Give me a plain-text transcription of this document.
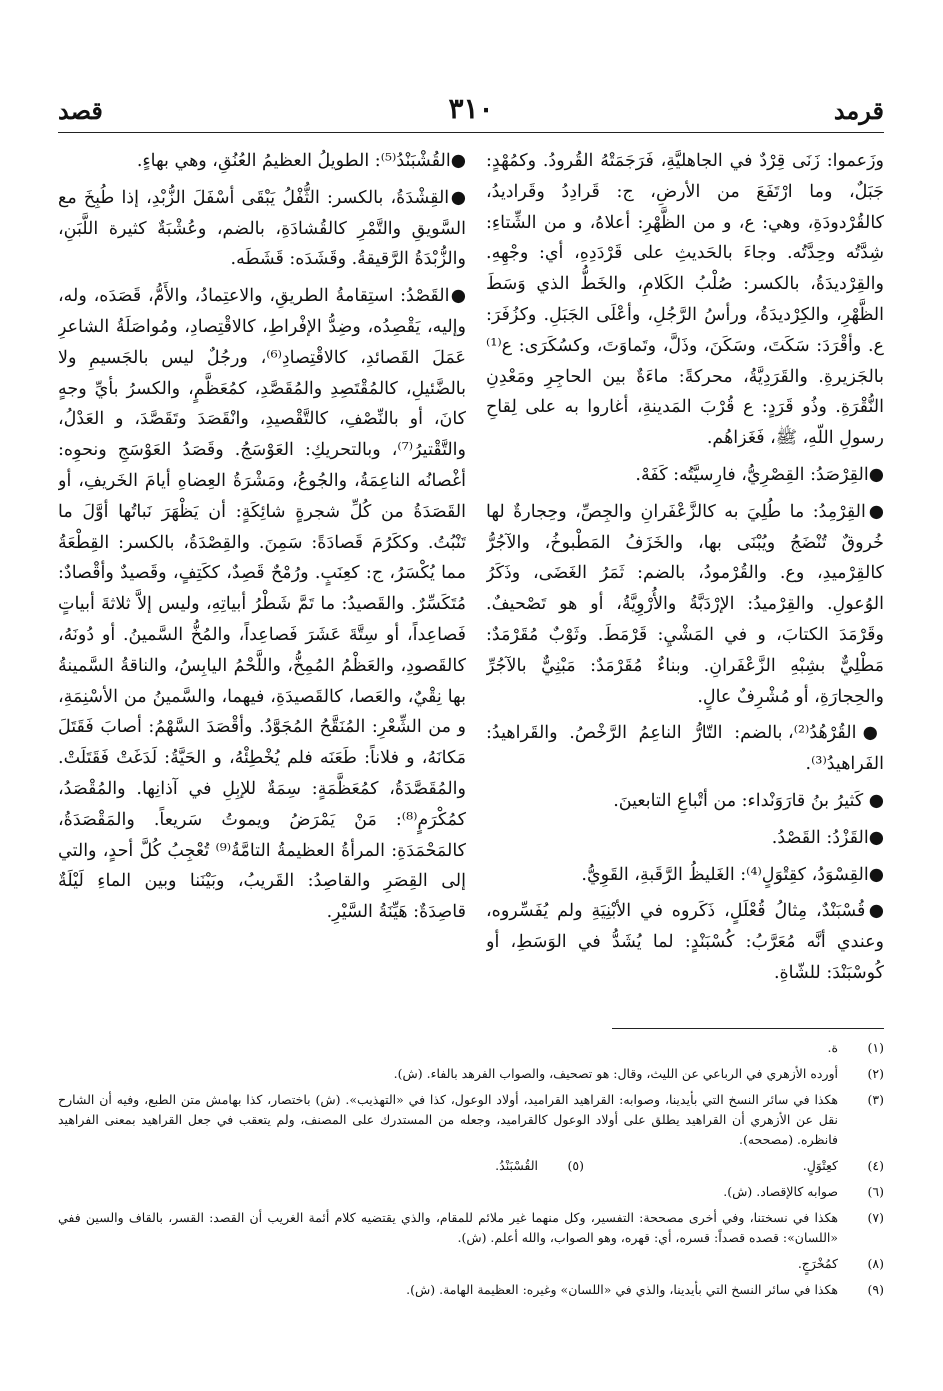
قرمد
٣١٠
قصد

وزَعموا: زَنَى قِرْدٌ في الجاهليَّةِ، فَرَجَمَتْهُ القُرودُ. وكمُهْدٍ: جَبَلٌ، وما ارْتَفَعَ من الأرضِ، ج: قَرادِدُ وقَراديدُ، كالقُرْدودَةِ، وهي: ع، و من الظَّهْرِ: أعلاهُ، و من الشِّتاءِ: شِدَّتُه وحِدَّتُه. وجاءَ بالحَديثِ على قَرْدَدِهِ، أي: وجْهِهِ. والقِرْديدَةُ، بالكسر: صُلْبُ الكَلامِ، والخَطُّ الذي وَسَطَ الظَّهْرِ، والكِرْديدَةُ، ورأسُ الرَّجُلِ، وأعْلَى الجَبَلِ. وكزُفَرَ: ع. وأقْرَدَ: سَكَتَ، وسَكَنَ، وذَلَّ، وتَماوَتَ، وكسُكَرَى: ع⁽¹⁾ بالجَزيرةِ. والقَرَدِيَّةُ، محركةً: ماءَةٌ بين الحاجِرِ ومَعْدِنِ النُّقْرَةِ. وذُو قَرَدٍ: ع قُرْبَ المَدينةِ، أغاروا به على لِقاحِ رسولِ اللّهِ، ﷺ، فَغَزاهُم.

●القِرْصَدُ: القِصْرِيُّ، فارِسيَّتُه: كَفَهْ.

●القِرْمِدُ: ما طُلِيَ به كالزَّعْفَرانِ والجِصِّ، وحِجارةٌ لها خُروقٌ تُنْضَجُ ويُبْنَى بها، والخَزَفُ المَطْبوخُ، والآجُرُّ كالقِرْميدِ، وع. والقُرْمودُ، بالضم: ثَمَرُ الغَضَى، وذَكَرُ الوُعولِ. والقِرْميدُ: الإرْدَبَّةُ والأُرْوِيَّةُ، أو هو تَصْحيفٌ. وقَرْمَدَ الكتابَ، و في المَشْيِ: قَرْمَطَ. وثَوْبٌ مُقَرْمَدٌ: مَطْلِيٌّ بشِبْهِ الزَّعْفَرانِ. وبناءٌ مُقَرْمَدٌ: مَبْنِيٌّ بالآجُرِّ والحِجارَةِ، أو مُشْرِفٌ عالٍ.

●القُرْهُدُ⁽²⁾، بالضم: التّارُّ الناعِمُ الرَّخْصُ. والقَراهيدُ: الفَراهيدُ⁽³⁾.

● كَثيرُ بنُ قارَوَنْداء: من أتْباعِ التابعينَ.

●القَزْدُ: القَصْدُ.

●القِسْوَدُ، كقِتْوَلٍ⁽⁴⁾: الغَليظُ الرَّقَبةِ، القَوِيُّ.

●قُسْبَنْدٌ، مِثالُ قُعْلَلٍ، ذَكَروه في الأبْنِيَةِ ولم يُفَسِّروه، وعندي أنَّه مُعَرَّبُ: كُسْبَنْدٍ: لما يُشَدُّ في الوَسَطِ، أو كُوسْبَنْدَ: للشّاةِ.

●القُشْبَنْدُ⁽⁵⁾: الطويلُ العظيمُ العُنُقِ، وهي بهاءٍ.

●القِشْدَةُ، بالكسر: الثُّفْلُ يَبْقَى أسْفَلَ الزُّبْدِ، إذا طُبِخَ مع السَّويقِ والتَّمْرِ كالقُشادَةِ، بالضم، وعُشْبَةٌ كثيرة اللَّبَنِ، والزُّبْدَةُ الرَّقيقةُ. وقَشَدَه: قَشَطَه.

●القَصْدُ: استِقامةُ الطريقِ، والاعتِمادُ، والأَمُّ، قَصَدَه، وله، وإليه، يَقْصِدُه، وضِدُّ الإفْراطِ، كالاقْتِصادِ، ومُواصَلَةُ الشاعرِ عَمَلَ القَصائدِ، كالاقْتِصادِ⁽⁶⁾، ورجُلٌ ليس بالجَسيمِ ولا بالضَّئيلِ، كالمُقْتَصِدِ والمُقَصَّدِ، كمُعَظَّمٍ، والكسرُ بأيِّ وجهٍ كانَ، أو بالنِّصْفِ، كالتَّقْصيدِ، وانْقَصَدَ وتَقَصَّدَ، و العَدْلُ، والتَّقْتيرُ⁽⁷⁾، وبالتحريكِ: العَوْسَجُ. وقَصَدُ العَوْسَجِ ونحوِه: أغْصانُه الناعِمَةُ، والجُوعُ، ومَشْرَةُ العِضاهِ أيامَ الخَريفِ، أو القَصَدَةُ من كُلِّ شجرةٍ شائِكَةٍ: أن يَظْهَرَ نَباتُها أوَّلَ ما تَنْبُتُ. وككَرُمَ قَصادَةً: سَمِنَ. والقِصْدَةُ، بالكسر: القِطْعَةُ مما يُكْسَرُ، ج: كعِنَبٍ. ورُمْحٌ قَصِدٌ، ككَتِفٍ، وقَصيدٌ وأقْصادٌ: مُتَكَسِّرٌ. والقَصيدُ: ما تَمَّ شَطْرُ أبياتِهِ، وليس إلاَّ ثلاثةَ أبياتٍ فَصاعِداً، أو سِتَّةَ عَشَرَ فَصاعِداً، والمُخُّ السَّمينُ. أو دُونَهُ، كالقَصودِ، والعَظْمُ المُمِخُّ، واللَّحْمُ اليابِسُ، والناقةُ السَّمينةُ بها نِقْيٌ، والعَصا، كالقَصيدَةِ، فيهما، والسَّمينُ من الأسْنِمَةِ، و من الشِّعْرِ: المُنَقَّحُ المُجَوَّدُ. وأقْصَدَ السَّهْمُ: أصابَ فَقَتَلَ مَكانَهُ، و فلاناً: طَعَنَه فلم يُخْطِئْهُ، و الحَيَّةُ: لَدَغَتْ فَقَتَلَتْ. والمُقَصَّدَةُ، كمُعَظَّمَةٍ: سِمَةٌ للإبِلِ في آذانِها. والمُقْصَدُ، كمُكْرَمٍ⁽⁸⁾: مَنْ يَمْرَضُ ويموتُ سَريعاً. والمَقْصَدَةُ، كالمَحْمَدَةِ: المرأةُ العظيمةُ التامَّةُ⁽⁹⁾ تُعْجِبُ كُلَّ أحدٍ، والتي إلى القِصَرِ والقاصِدُ: القَريبُ، وبَيْنَنا وبين الماءِ لَيْلَةٌ قاصِدَةٌ: هَيِّنَةُ السَّيْرِ.

(١)
ة.
(٢)
أورده الأزهري في الرباعي عن الليث، وقال: هو تصحيف، والصواب الفرهد بالفاء. (ش).
(٣)
هكذا في سائر النسخ التي بأيدينا، وصوابه: القراهيد القراميد، أولاد الوعول، كذا في «التهذيب». (ش) باختصار، كذا بهامش متن الطبع، وفيه أن الشارح نقل عن الأزهري أن القراهيد يطلق على أولاد الوعول كالقراميد، وجعله من المستدرك على المصنف، ولم يتعقب في جعل القراهيد بمعنى الفراهيد فانظره. (مصححه).
(٤)
كعِتْوَلٍ.
(٥)
القُسْبَنْدُ.
(٦)
صوابه كالإقصاد. (ش).
(٧)
هكذا في نسختنا، وفي أخرى مصححة: التفسير، وكل منهما غير ملائم للمقام، والذي يقتضيه كلام أئمة الغريب أن القصد: القسر، بالقاف والسين ففي «اللسان»: قصده قصداً: قسره، أي: قهره، وهو الصواب، والله أعلم. (ش).
(٨)
كمُخْرَجٍ.
(٩)
هكذا في سائر النسخ التي بأيدينا، والذي في «اللسان» وغيره: العظيمة الهامة. (ش).
